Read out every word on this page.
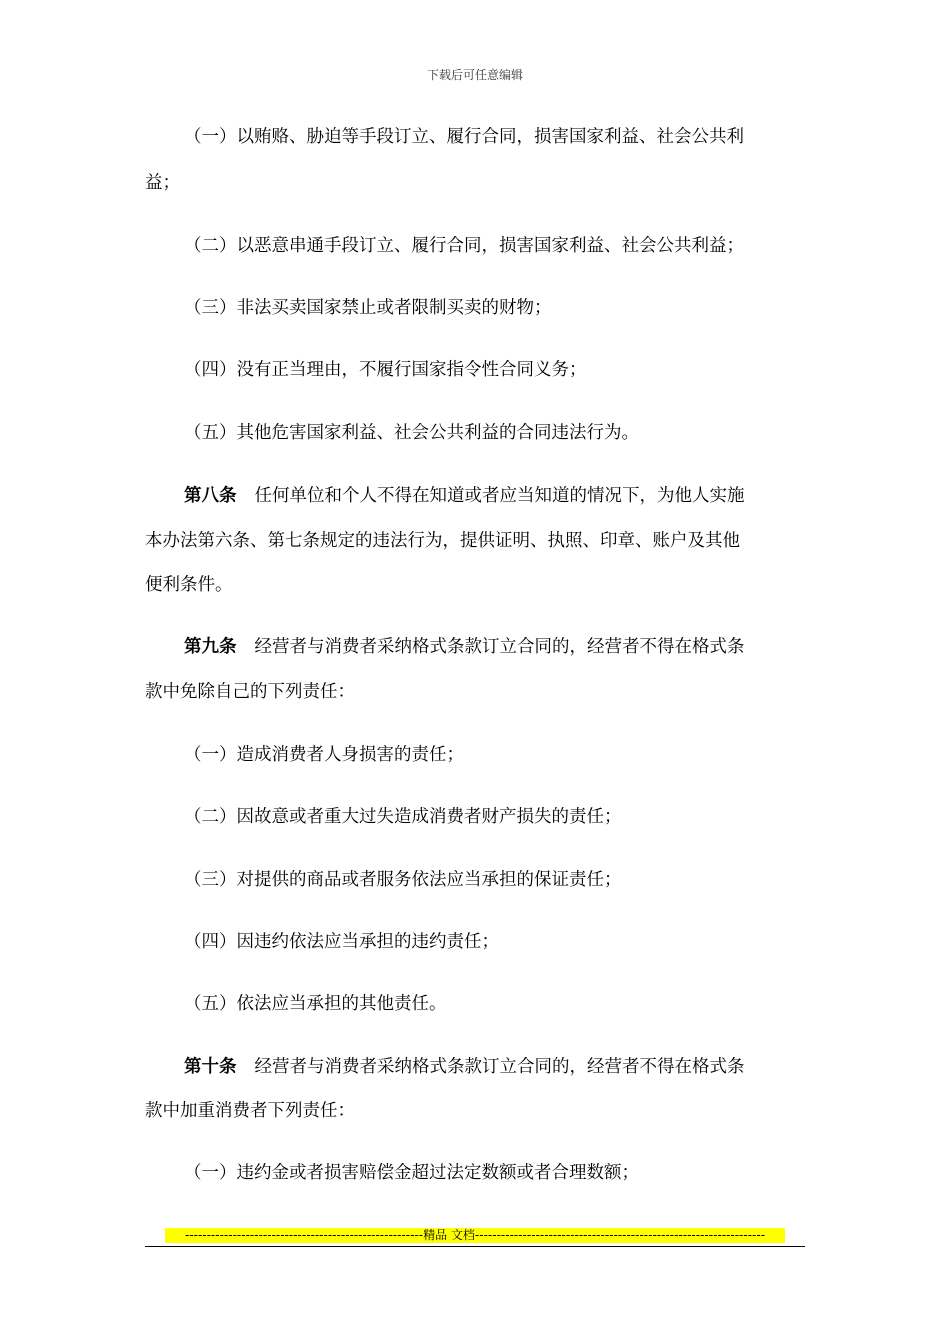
下载后可任意编辑
（一）以贿赂、胁迫等手段订立、履行合同，损害国家利益、社会公共利
益；
（二）以恶意串通手段订立、履行合同，损害国家利益、社会公共利益；
（三）非法买卖国家禁止或者限制买卖的财物；
（四）没有正当理由，不履行国家指令性合同义务；
（五）其他危害国家利益、社会公共利益的合同违法行为。
第八条 任何单位和个人不得在知道或者应当知道的情况下，为他人实施
本办法第六条、第七条规定的违法行为，提供证明、执照、印章、账户及其他
便利条件。
第九条 经营者与消费者采纳格式条款订立合同的，经营者不得在格式条
款中免除自己的下列责任：
（一）造成消费者人身损害的责任；
（二）因故意或者重大过失造成消费者财产损失的责任；
（三）对提供的商品或者服务依法应当承担的保证责任；
（四）因违约依法应当承担的违约责任；
（五）依法应当承担的其他责任。
第十条 经营者与消费者采纳格式条款订立合同的，经营者不得在格式条
款中加重消费者下列责任：
（一）违约金或者损害赔偿金超过法定数额或者合理数额；
-------------------------------------------------------精品 文档-------------------------------------------------------------------
